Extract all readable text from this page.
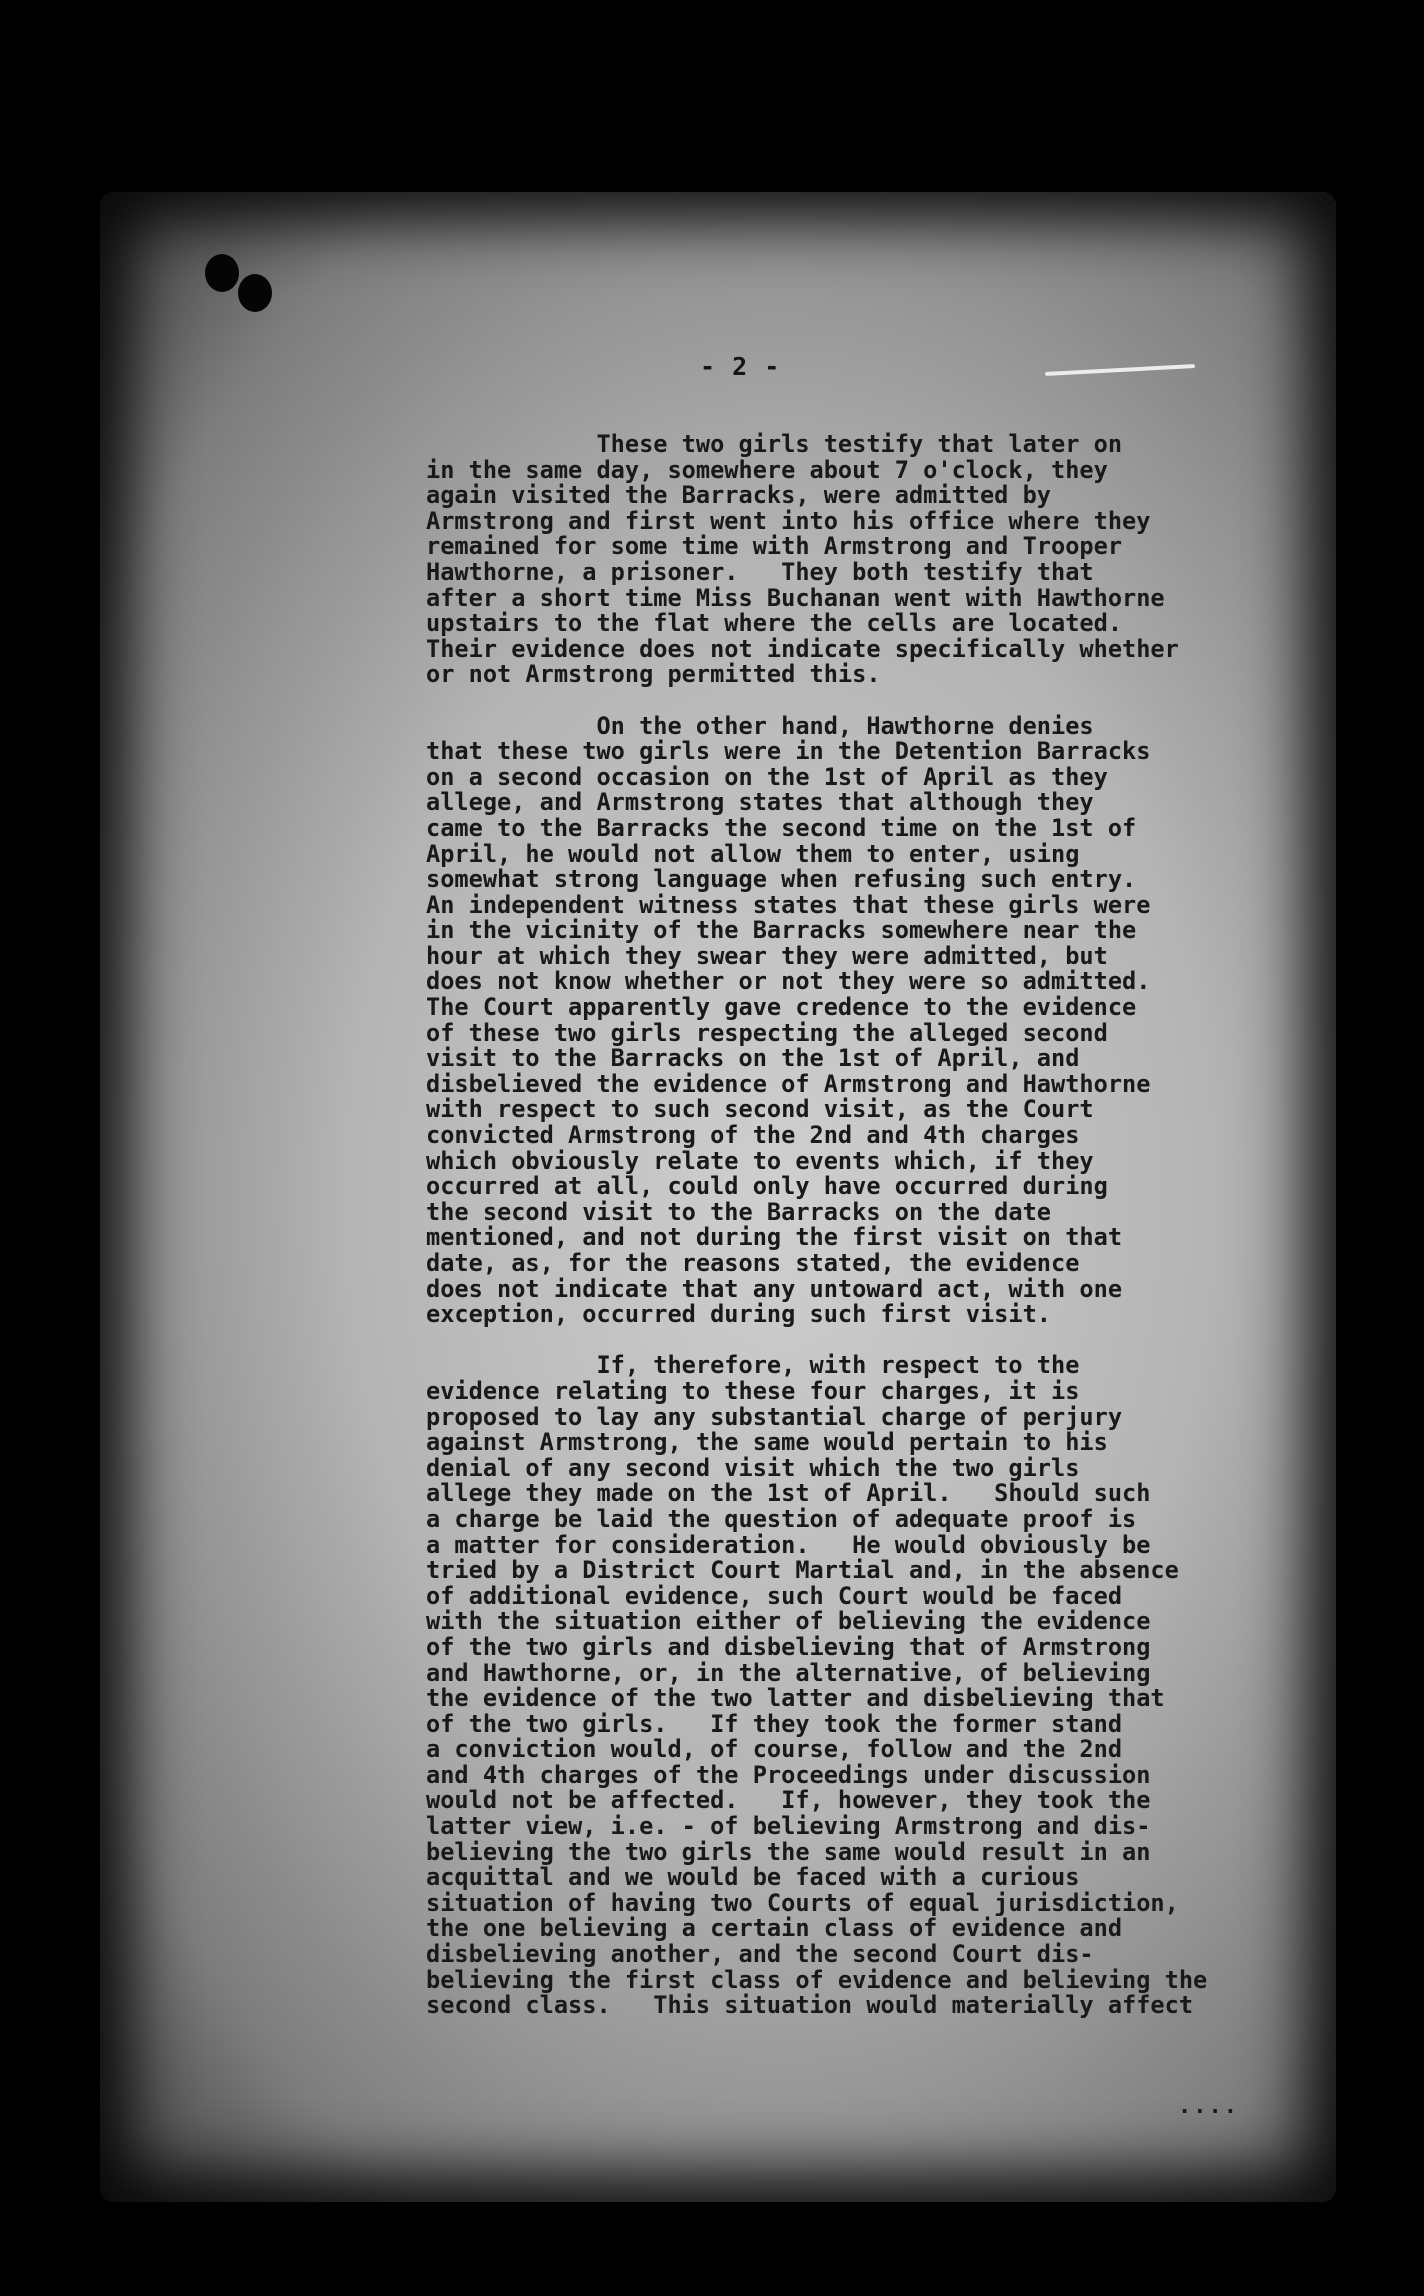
- 2 -
These two girls testify that later on
in the same day, somewhere about 7 o'clock, they
again visited the Barracks, were admitted by
Armstrong and first went into his office where they
remained for some time with Armstrong and Trooper
Hawthorne, a prisoner.   They both testify that
after a short time Miss Buchanan went with Hawthorne
upstairs to the flat where the cells are located.
Their evidence does not indicate specifically whether
or not Armstrong permitted this.
On the other hand, Hawthorne denies
that these two girls were in the Detention Barracks
on a second occasion on the 1st of April as they
allege, and Armstrong states that although they
came to the Barracks the second time on the 1st of
April, he would not allow them to enter, using
somewhat strong language when refusing such entry.
An independent witness states that these girls were
in the vicinity of the Barracks somewhere near the
hour at which they swear they were admitted, but
does not know whether or not they were so admitted.
The Court apparently gave credence to the evidence
of these two girls respecting the alleged second
visit to the Barracks on the 1st of April, and
disbelieved the evidence of Armstrong and Hawthorne
with respect to such second visit, as the Court
convicted Armstrong of the 2nd and 4th charges
which obviously relate to events which, if they
occurred at all, could only have occurred during
the second visit to the Barracks on the date
mentioned, and not during the first visit on that
date, as, for the reasons stated, the evidence
does not indicate that any untoward act, with one
exception, occurred during such first visit.
If, therefore, with respect to the
evidence relating to these four charges, it is
proposed to lay any substantial charge of perjury
against Armstrong, the same would pertain to his
denial of any second visit which the two girls
allege they made on the 1st of April.   Should such
a charge be laid the question of adequate proof is
a matter for consideration.   He would obviously be
tried by a District Court Martial and, in the absence
of additional evidence, such Court would be faced
with the situation either of believing the evidence
of the two girls and disbelieving that of Armstrong
and Hawthorne, or, in the alternative, of believing
the evidence of the two latter and disbelieving that
of the two girls.   If they took the former stand
a conviction would, of course, follow and the 2nd
and 4th charges of the Proceedings under discussion
would not be affected.   If, however, they took the
latter view, i.e. - of believing Armstrong and dis-
believing the two girls the same would result in an
acquittal and we would be faced with a curious
situation of having two Courts of equal jurisdiction,
the one believing a certain class of evidence and
disbelieving another, and the second Court dis-
believing the first class of evidence and believing the
second class.   This situation would materially affect
....
